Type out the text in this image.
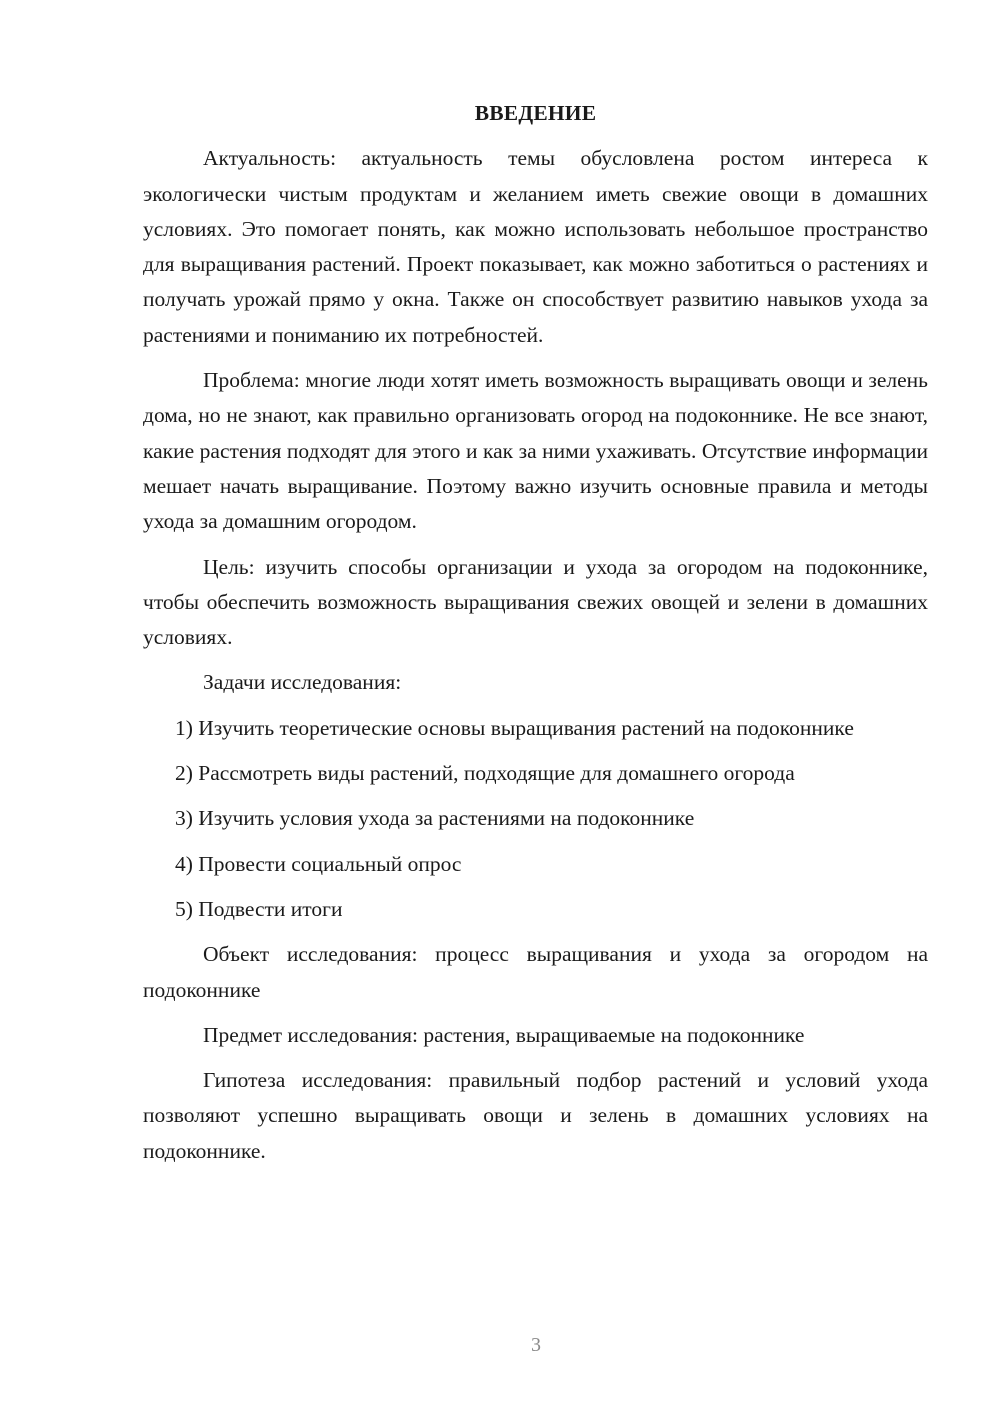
ВВЕДЕНИЕ

Актуальность: актуальность темы обусловлена ростом интереса к экологически чистым продуктам и желанием иметь свежие овощи в домашних условиях. Это помогает понять, как можно использовать небольшое пространство для выращивания растений. Проект показывает, как можно заботиться о растениях и получать урожай прямо у окна. Также он способствует развитию навыков ухода за растениями и пониманию их потребностей.

Проблема: многие люди хотят иметь возможность выращивать овощи и зелень дома, но не знают, как правильно организовать огород на подоконнике. Не все знают, какие растения подходят для этого и как за ними ухаживать. Отсутствие информации мешает начать выращивание. Поэтому важно изучить основные правила и методы ухода за домашним огородом.

Цель: изучить способы организации и ухода за огородом на подоконнике, чтобы обеспечить возможность выращивания свежих овощей и зелени в домашних условиях.

Задачи исследования:

1) Изучить теоретические основы выращивания растений на подоконнике

2) Рассмотреть виды растений, подходящие для домашнего огорода

3) Изучить условия ухода за растениями на подоконнике

4) Провести социальный опрос

5) Подвести итоги

Объект исследования: процесс выращивания и ухода за огородом на подоконнике

Предмет исследования: растения, выращиваемые на подоконнике

Гипотеза исследования: правильный подбор растений и условий ухода позволяют успешно выращивать овощи и зелень в домашних условиях на подоконнике.

3
